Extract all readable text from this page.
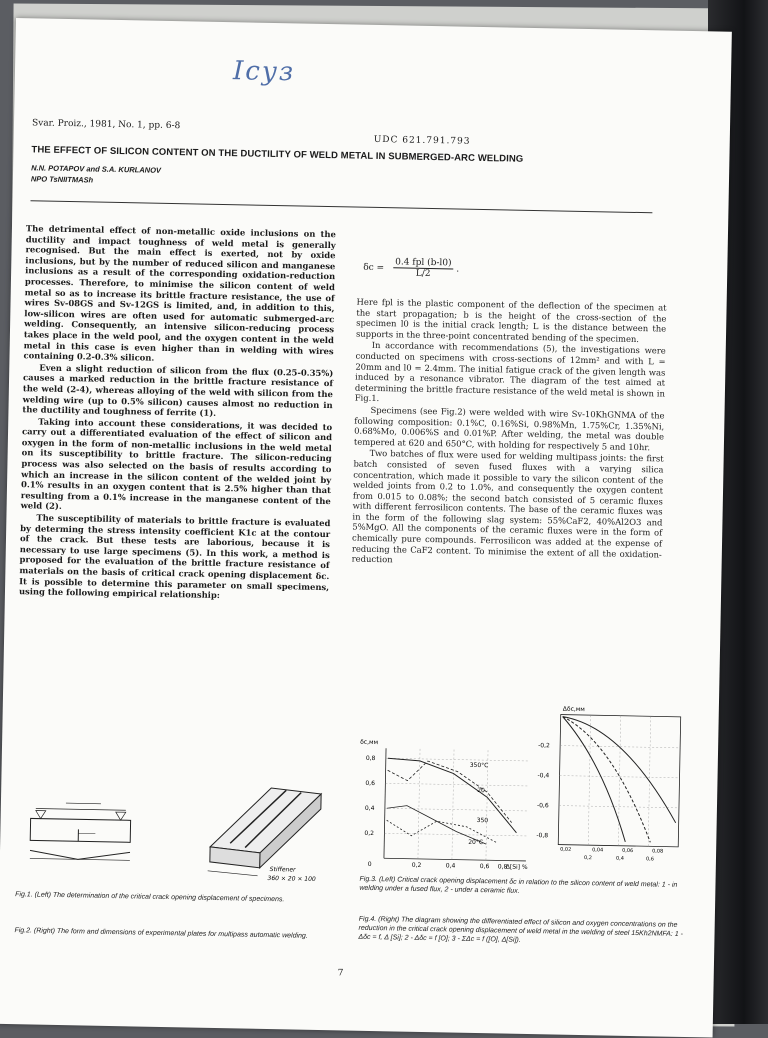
Ісуз
Svar. Proiz., 1981, No. 1, pp. 6-8
UDC 621.791.793
THE EFFECT OF SILICON CONTENT ON THE DUCTILITY OF WELD METAL IN SUBMERGED-ARC WELDING
N.N. POTAPOV and S.A. KURLANOV
NPO TsNIITMASh

The detrimental effect of non-metallic oxide inclusions on the ductility and impact toughness of weld metal is generally recognised. But the main effect is exerted, not by oxide inclusions, but by the number of reduced silicon and manganese inclusions as a result of the corresponding oxidation-reduction processes. Therefore, to minimise the silicon content of weld metal so as to increase its brittle fracture resistance, the use of wires Sv-08GS and Sv-12GS is limited, and, in addition to this, low-silicon wires are often used for automatic submerged-arc welding. Consequently, an intensive silicon-reducing process takes place in the weld pool, and the oxygen content in the weld metal in this case is even higher than in welding with wires containing 0.2-0.3% silicon.

Even a slight reduction of silicon from the flux (0.25-0.35%) causes a marked reduction in the brittle fracture resistance of the weld (2-4), whereas alloying of the weld with silicon from the welding wire (up to 0.5% silicon) causes almost no reduction in the ductility and toughness of ferrite (1).

Taking into account these considerations, it was decided to carry out a differentiated evaluation of the effect of silicon and oxygen in the form of non-metallic inclusions in the weld metal on its susceptibility to brittle fracture. The silicon-reducing process was also selected on the basis of results according to which an increase in the silicon content of the welded joint by 0.1% results in an oxygen content that is 2.5% higher than that resulting from a 0.1% increase in the manganese content of the weld (2).

The susceptibility of materials to brittle fracture is evaluated by determing the stress intensity coefficient K1c at the contour of the crack. But these tests are laborious, because it is necessary to use large specimens (5). In this work, a method is proposed for the evaluation of the brittle fracture resistance of materials on the basis of critical crack opening displacement δc. It is possible to determine this parameter on small specimens, using the following empirical relationship:

$\delta c = \frac{\text{0.4 fpl (b-l0)}}{L/2}$ .

Here fpl is the plastic component of the deflection of the specimen at the start propagation; b is the height of the cross-section of the specimen l0 is the initial crack length; L is the distance between the supports in the three-point concentrated bending of the specimen.

In accordance with recommendations (5), the investigations were conducted on specimens with cross-sections of 12mm² and with L = 20mm and l0 = 2.4mm. The initial fatigue crack of the given length was induced by a resonance vibrator. The diagram of the test aimed at determining the brittle fracture resistance of the weld metal is shown in Fig.1.

Specimens (see Fig.2) were welded with wire Sv-10KhGNMA of the following composition: 0.1%C, 0.16%Si, 0.98%Mn, 1.75%Cr, 1.35%Ni, 0.68%Mo, 0.006%S and 0.01%P. After welding, the metal was double tempered at 620 and 650°C, with holding for respectively 5 and 10hr.

Two batches of flux were used for welding multipass joints: the first batch consisted of seven fused fluxes with a varying silica concentration, which made it possible to vary the silicon content of the welded joints from 0.2 to 1.0%, and consequently the oxygen content from 0.015 to 0.08%; the second batch consisted of 5 ceramic fluxes with different ferrosilicon contents. The base of the ceramic fluxes was in the form of the following slag system: 55%CaF2, 40%Al2O3 and 5%MgO. All the components of the ceramic fluxes were in the form of chemically pure compounds. Ferrosilicon was added at the expense of reducing the CaF2 content. To minimise the extent of all the oxidation-reduction

Stiffener
360 × 20 × 100
δc,мм
0,8
0,6
0,4
0,2
0	0,2	0,4	0,6 0,8
Δ[Si] %
350°C
20
350
20°C
Δδc,мм
-0,2
-0,4
-0,6
-0,8
0,02	0,04	0,06	0,08
0,2	0,4	0,6
Fig.1. (Left) The determination of the critical crack opening displacement of specimens.
Fig.2. (Right) The form and dimensions of experimental plates for multipass automatic welding.
Fig.3. (Left) Critical crack opening displacement δc in relation to the silicon content of weld metal: 1 - in welding under a fused flux, 2 - under a ceramic flux.
Fig.4. (Right) The diagram showing the differentiated effect of silicon and oxygen concentrations on the reduction in the critical crack opening displacement of weld metal in the welding of steel 15Kh2NMFA: 1 - Δδc = f, Δ [Si]; 2 - Δδc = f [O]; 3 - ΣΔc = f ([O], Δ[Si]).
7
